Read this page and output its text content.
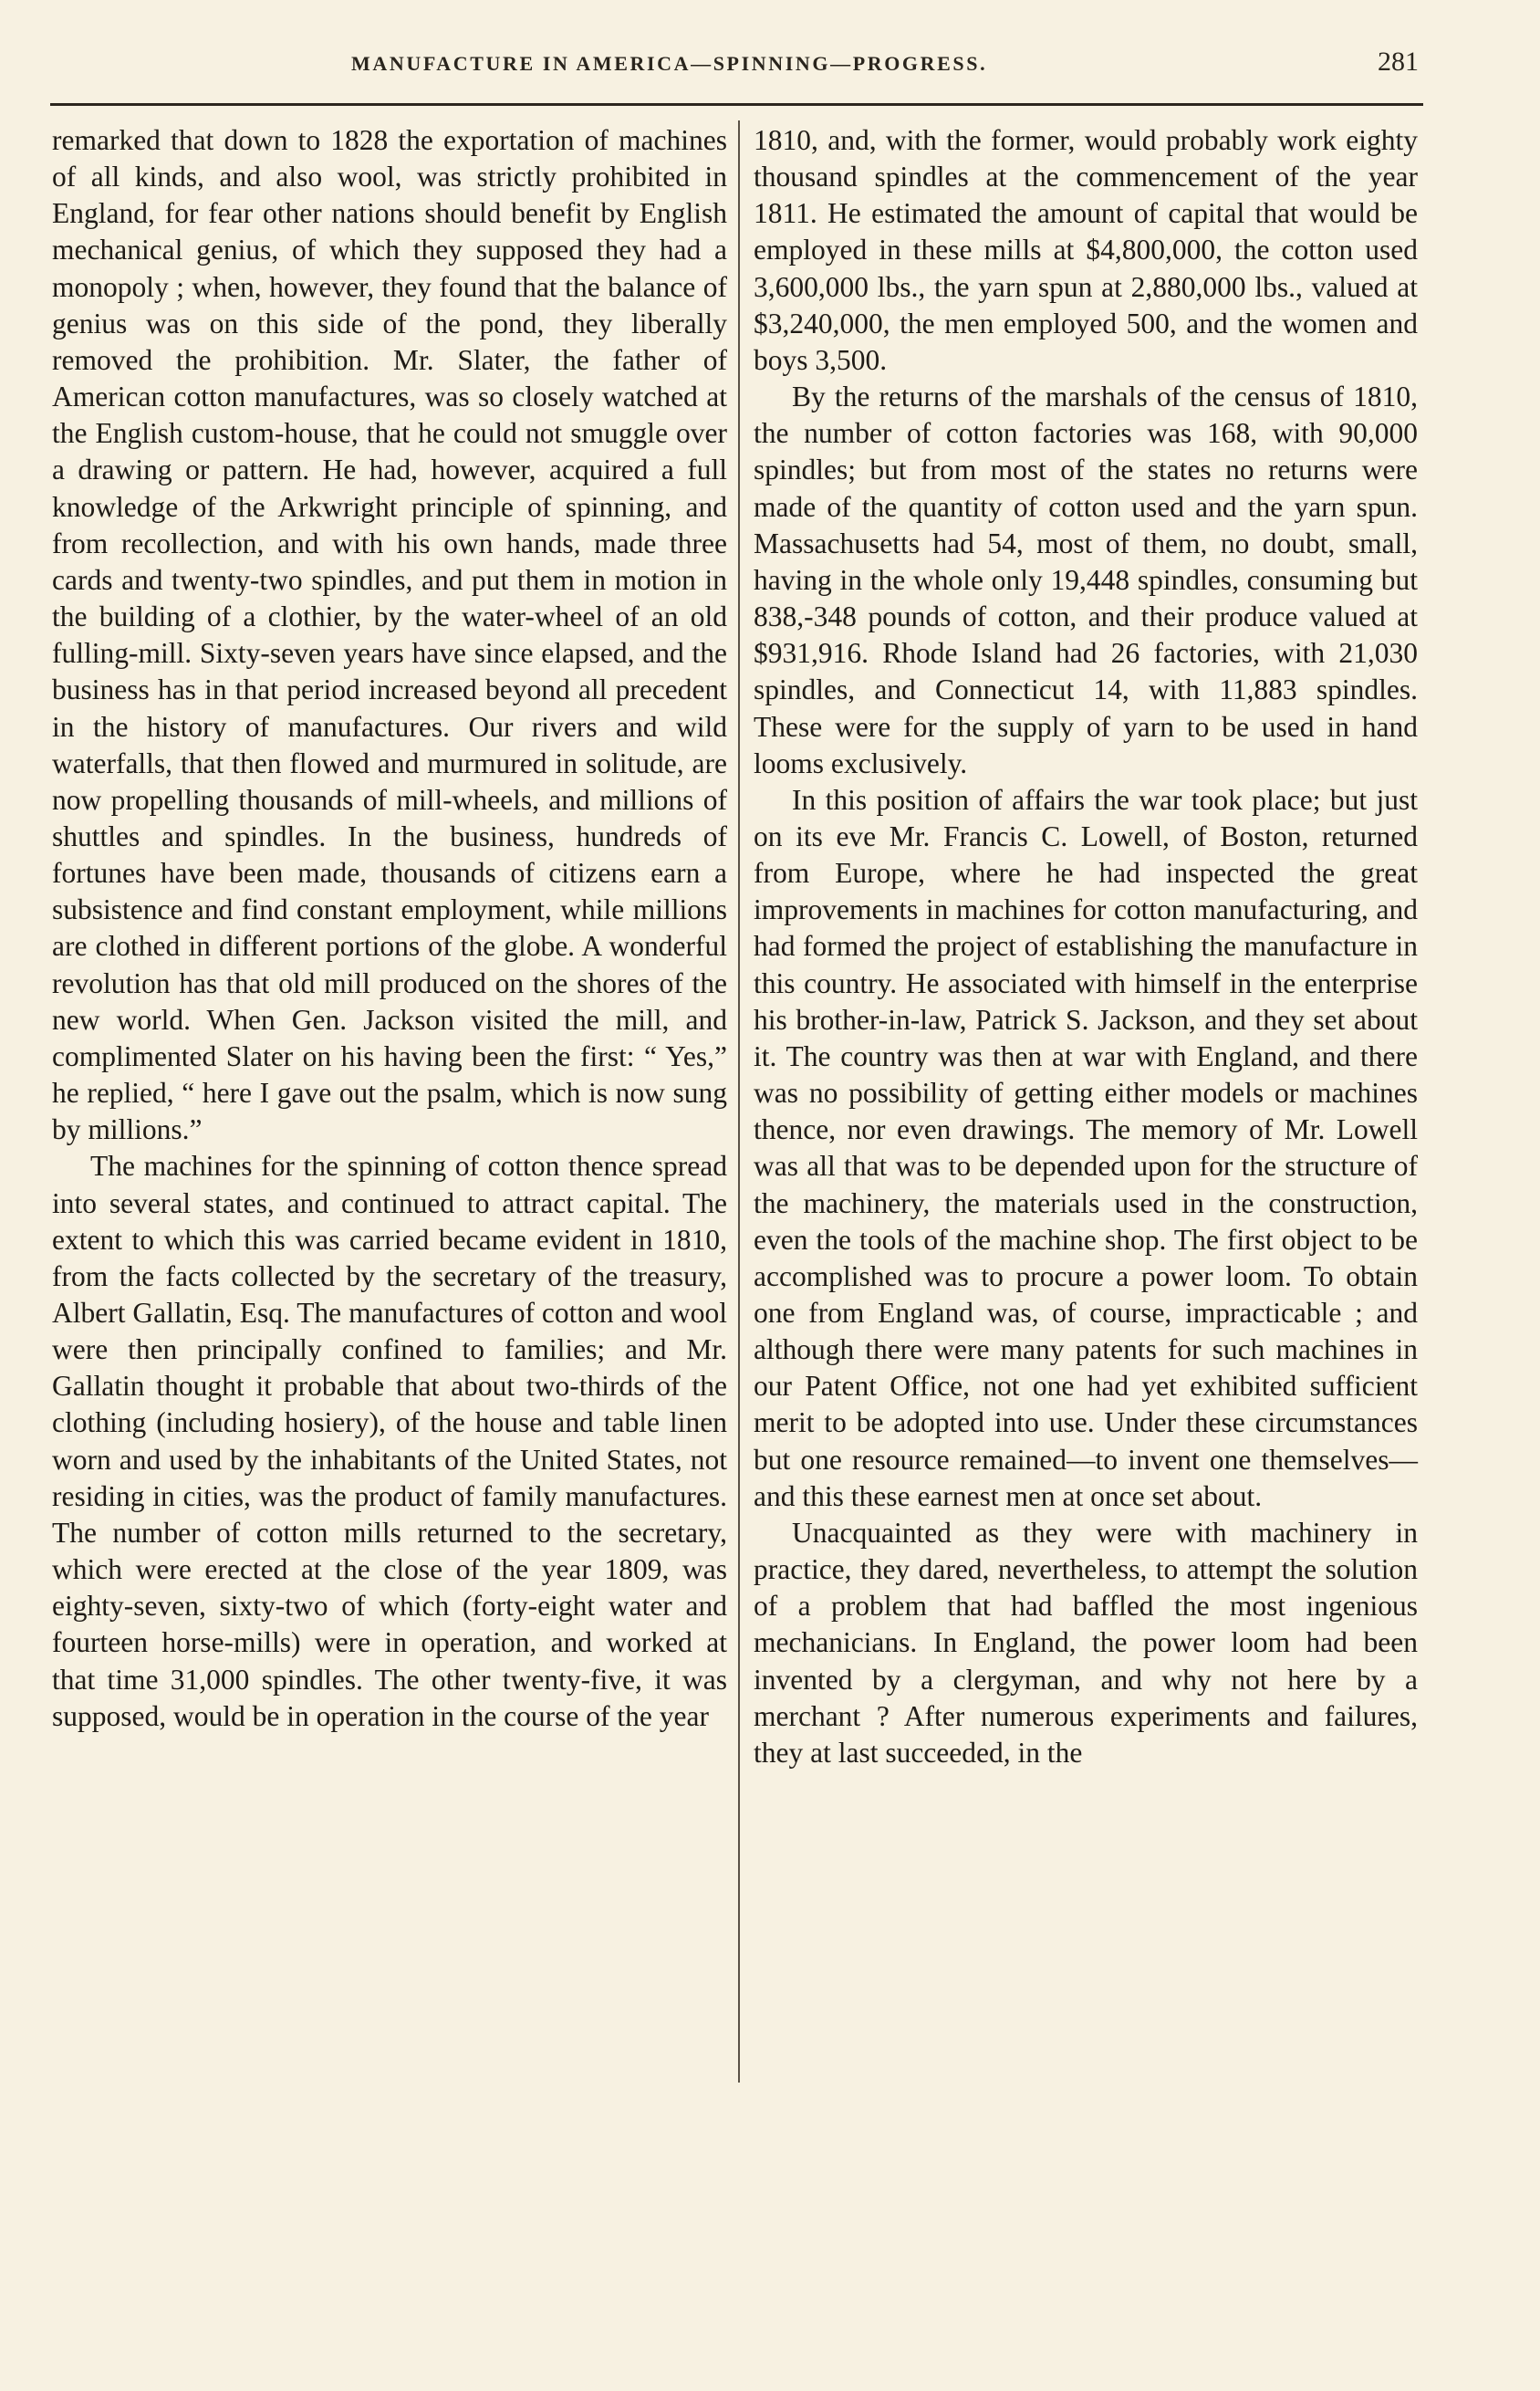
MANUFACTURE IN AMERICA—SPINNING—PROGRESS.	281

remarked that down to 1828 the exportation of machines of all kinds, and also wool, was strictly prohibited in England, for fear other nations should benefit by English mechanical genius, of which they supposed they had a monopoly ; when, however, they found that the balance of genius was on this side of the pond, they liberally removed the prohibition. Mr. Slater, the father of American cotton manufactures, was so closely watched at the English custom-house, that he could not smuggle over a drawing or pattern. He had, however, acquired a full knowledge of the Arkwright principle of spinning, and from recollection, and with his own hands, made three cards and twenty-two spindles, and put them in motion in the building of a clothier, by the water-wheel of an old fulling-mill. Sixty-seven years have since elapsed, and the business has in that period increased beyond all precedent in the history of manufactures. Our rivers and wild waterfalls, that then flowed and murmured in solitude, are now propelling thousands of mill-wheels, and millions of shuttles and spindles. In the business, hundreds of fortunes have been made, thousands of citizens earn a subsistence and find constant employment, while millions are clothed in different portions of the globe. A wonderful revolution has that old mill produced on the shores of the new world. When Gen. Jackson visited the mill, and complimented Slater on his having been the first: “ Yes,” he replied, “ here I gave out the psalm, which is now sung by millions.”

The machines for the spinning of cotton thence spread into several states, and continued to attract capital. The extent to which this was carried became evident in 1810, from the facts collected by the secretary of the treasury, Albert Gallatin, Esq. The manufactures of cotton and wool were then principally confined to families; and Mr. Gallatin thought it probable that about two-thirds of the clothing (including hosiery), of the house and table linen worn and used by the inhabitants of the United States, not residing in cities, was the product of family manufactures. The number of cotton mills returned to the secretary, which were erected at the close of the year 1809, was eighty-seven, sixty-two of which (forty-eight water and fourteen horse-mills) were in operation, and worked at that time 31,000 spindles. The other twenty-five, it was supposed, would be in operation in the course of the year

1810, and, with the former, would probably work eighty thousand spindles at the commencement of the year 1811. He estimated the amount of capital that would be employed in these mills at $4,800,000, the cotton used 3,600,000 lbs., the yarn spun at 2,880,000 lbs., valued at $3,240,000, the men employed 500, and the women and boys 3,500.

By the returns of the marshals of the census of 1810, the number of cotton factories was 168, with 90,000 spindles; but from most of the states no returns were made of the quantity of cotton used and the yarn spun. Massachusetts had 54, most of them, no doubt, small, having in the whole only 19,448 spindles, consuming but 838,-348 pounds of cotton, and their produce valued at $931,916. Rhode Island had 26 factories, with 21,030 spindles, and Connecticut 14, with 11,883 spindles. These were for the supply of yarn to be used in hand looms exclusively.

In this position of affairs the war took place; but just on its eve Mr. Francis C. Lowell, of Boston, returned from Europe, where he had inspected the great improvements in machines for cotton manufacturing, and had formed the project of establishing the manufacture in this country. He associated with himself in the enterprise his brother-in-law, Patrick S. Jackson, and they set about it. The country was then at war with England, and there was no possibility of getting either models or machines thence, nor even drawings. The memory of Mr. Lowell was all that was to be depended upon for the structure of the machinery, the materials used in the construction, even the tools of the machine shop. The first object to be accomplished was to procure a power loom. To obtain one from England was, of course, impracticable ; and although there were many patents for such machines in our Patent Office, not one had yet exhibited sufficient merit to be adopted into use. Under these circumstances but one resource remained—to invent one themselves—and this these earnest men at once set about.

Unacquainted as they were with machinery in practice, they dared, nevertheless, to attempt the solution of a problem that had baffled the most ingenious mechanicians. In England, the power loom had been invented by a clergyman, and why not here by a merchant ? After numerous experiments and failures, they at last succeeded, in the
